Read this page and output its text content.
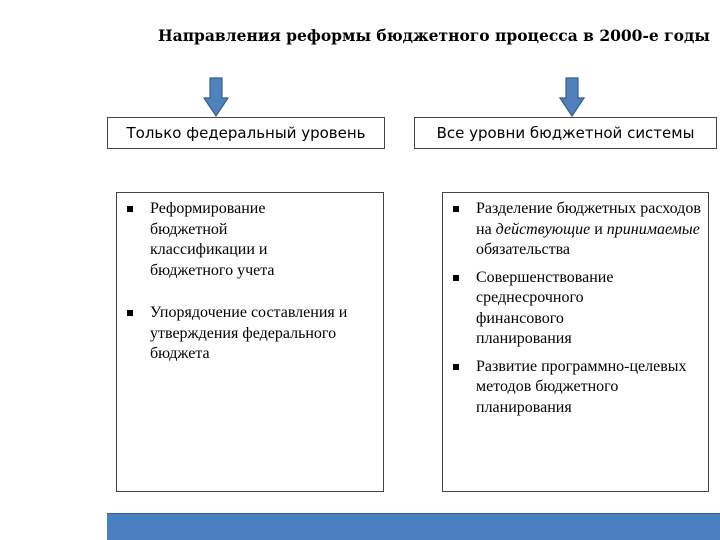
Направления реформы бюджетного процесса в 2000-е годы
Только федеральный уровень	Все уровни бюджетной системы
Реформирование бюджетной классификации и бюджетного учета
Упорядочение составления и утверждения федерального бюджета
Разделение бюджетных расходов на действующие и принимаемые обязательства
Совершенствование среднесрочного финансового планирования
Развитие программно-целевых методов бюджетного планирования
